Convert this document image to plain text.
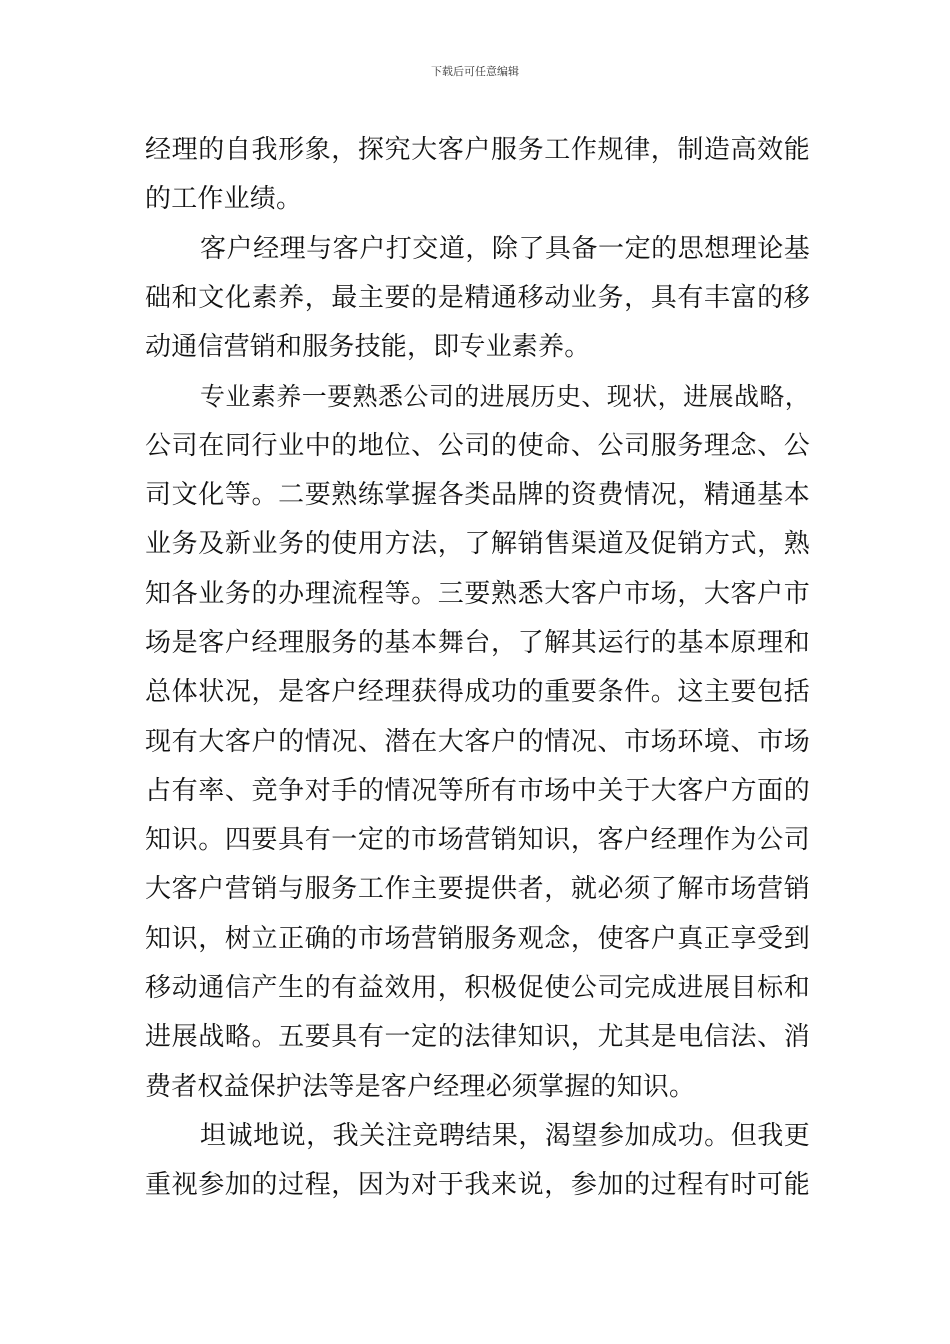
下载后可任意编辑
经理的自我形象，探究大客户服务工作规律，制造高效能
的工作业绩。
客户经理与客户打交道，除了具备一定的思想理论基
础和文化素养，最主要的是精通移动业务，具有丰富的移
动通信营销和服务技能，即专业素养。
专业素养一要熟悉公司的进展历史、现状，进展战略，
公司在同行业中的地位、公司的使命、公司服务理念、公
司文化等。二要熟练掌握各类品牌的资费情况，精通基本
业务及新业务的使用方法，了解销售渠道及促销方式，熟
知各业务的办理流程等。三要熟悉大客户市场，大客户市
场是客户经理服务的基本舞台，了解其运行的基本原理和
总体状况，是客户经理获得成功的重要条件。这主要包括
现有大客户的情况、潜在大客户的情况、市场环境、市场
占有率、竞争对手的情况等所有市场中关于大客户方面的
知识。四要具有一定的市场营销知识，客户经理作为公司
大客户营销与服务工作主要提供者，就必须了解市场营销
知识，树立正确的市场营销服务观念，使客户真正享受到
移动通信产生的有益效用，积极促使公司完成进展目标和
进展战略。五要具有一定的法律知识，尤其是电信法、消
费者权益保护法等是客户经理必须掌握的知识。
坦诚地说，我关注竞聘结果，渴望参加成功。但我更
重视参加的过程，因为对于我来说，参加的过程有时可能
